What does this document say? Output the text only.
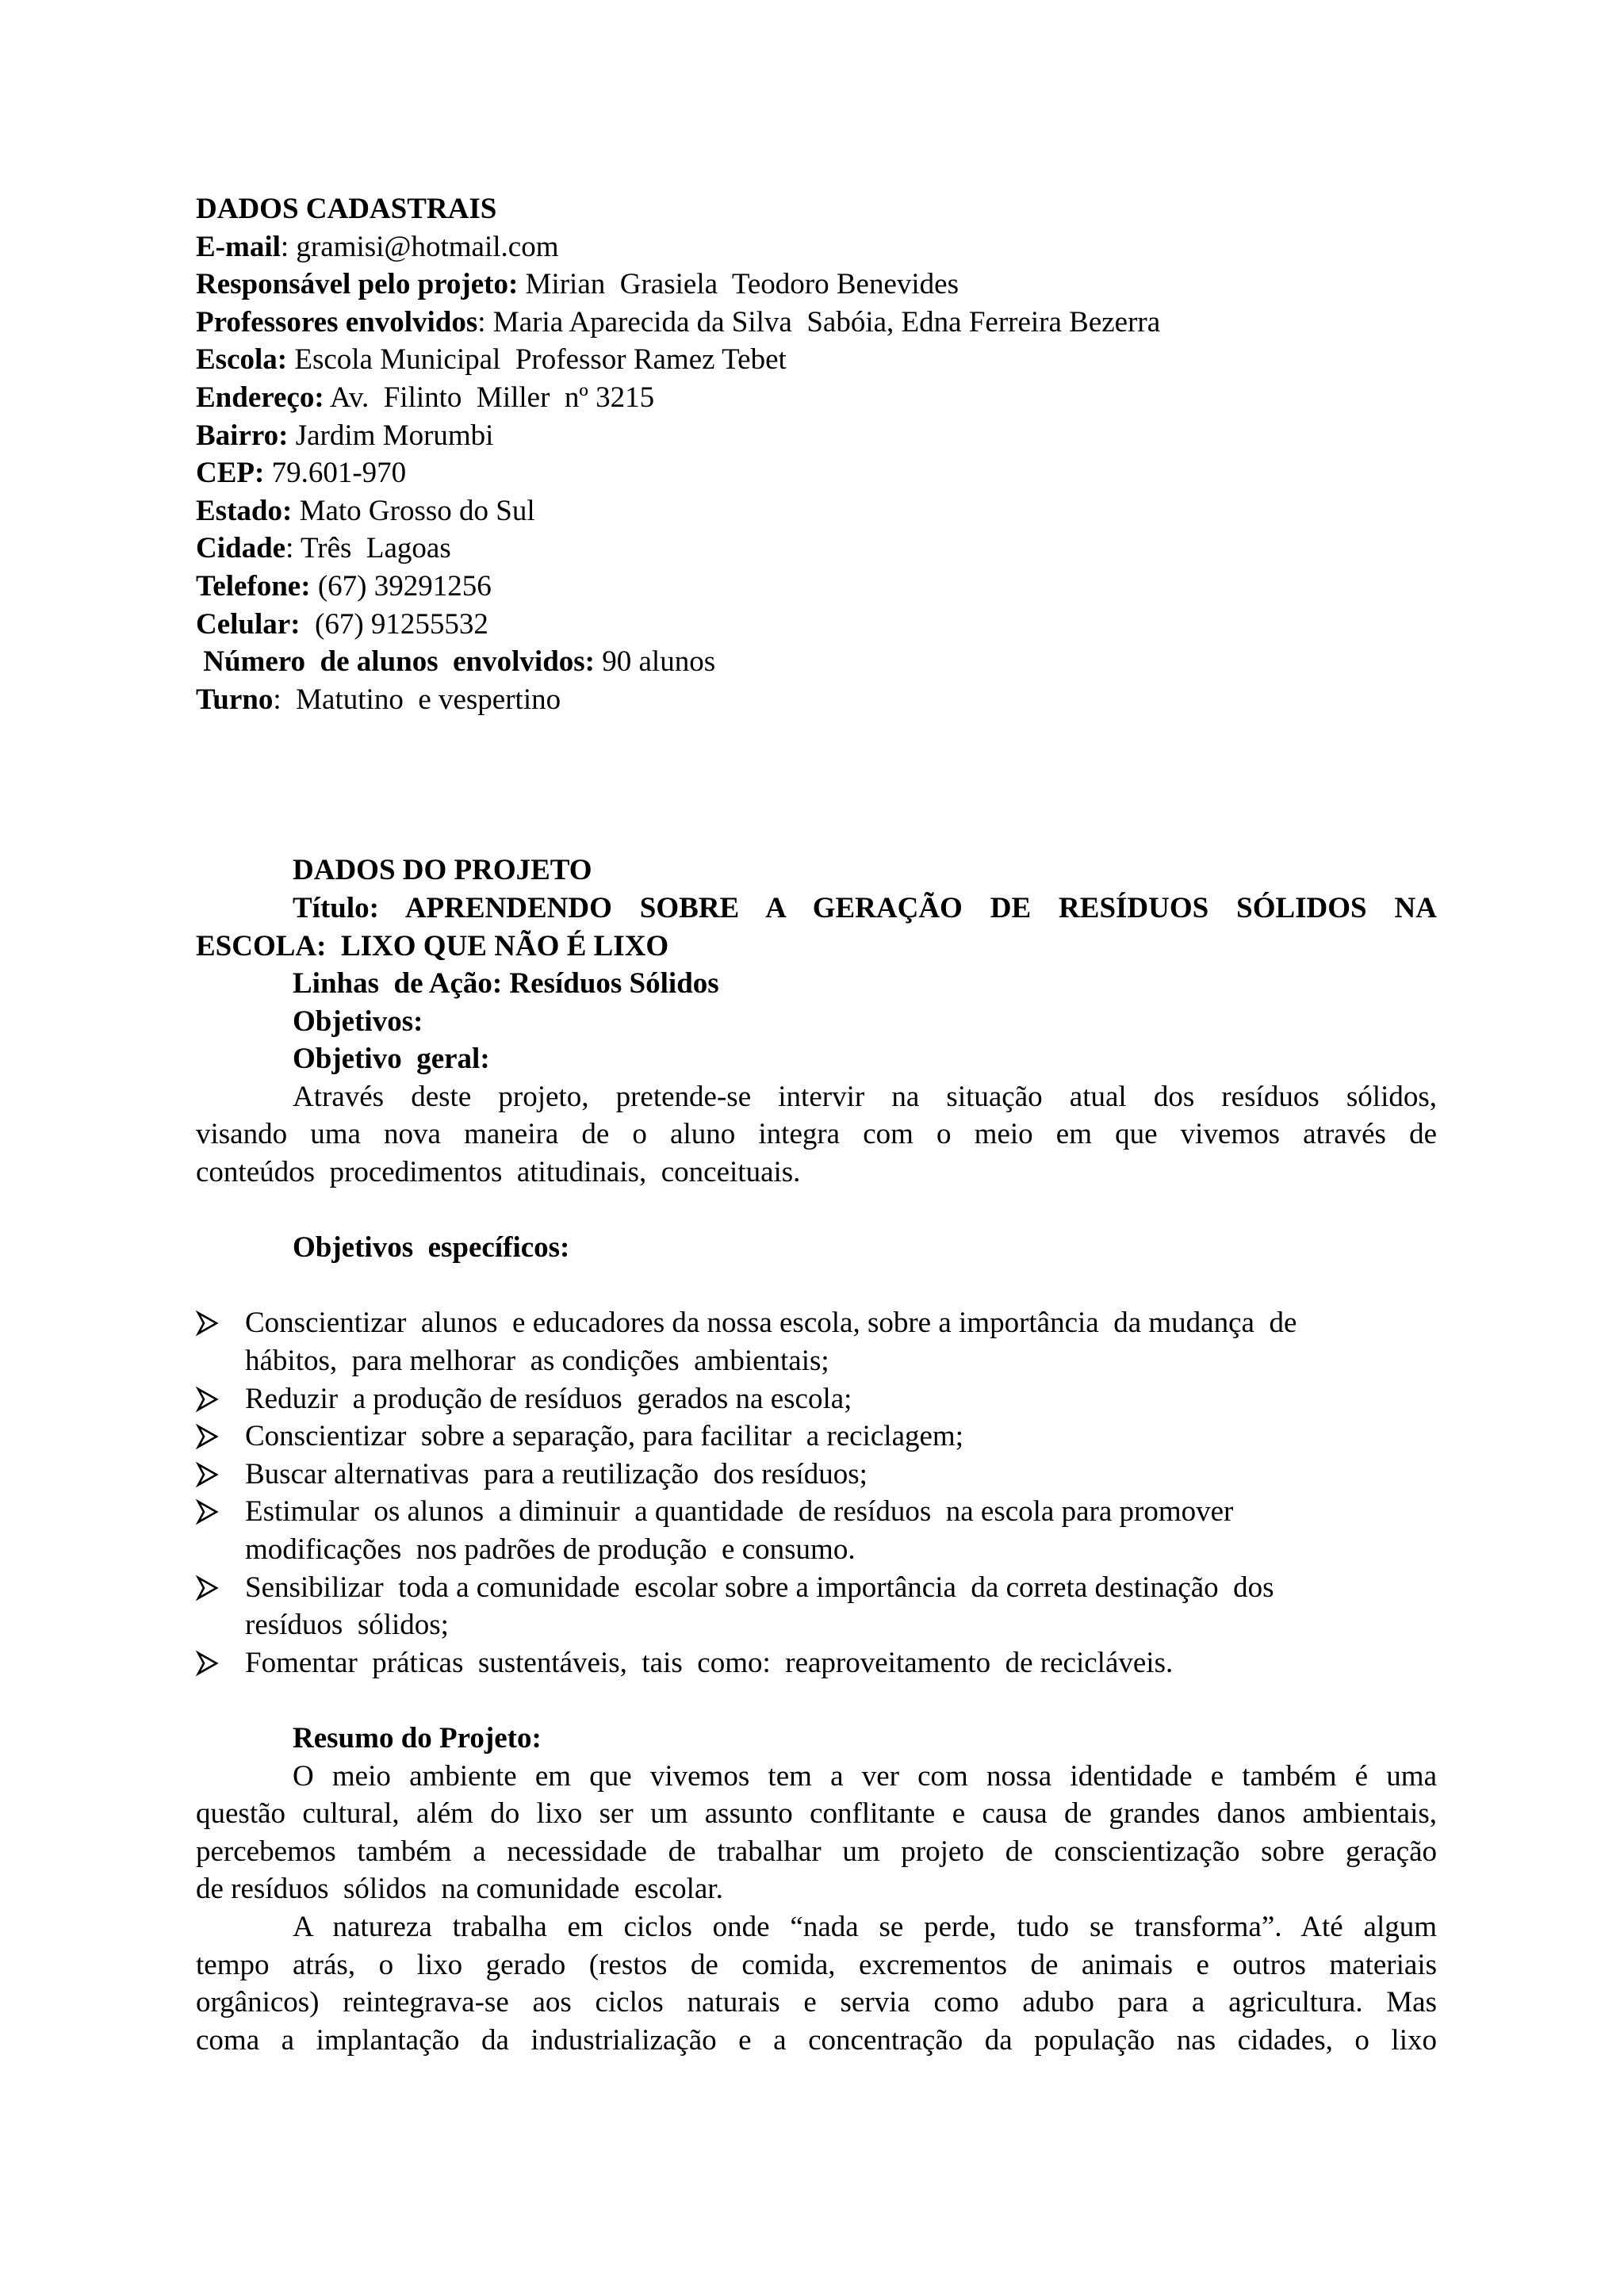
DADOS CADASTRAIS

E-mail: gramisi@hotmail.com

Responsável pelo projeto: Mirian  Grasiela  Teodoro Benevides

Professores envolvidos: Maria Aparecida da Silva  Sabóia, Edna Ferreira Bezerra

Escola: Escola Municipal  Professor Ramez Tebet

Endereço: Av.  Filinto  Miller  nº 3215

Bairro: Jardim Morumbi

CEP: 79.601-970

Estado: Mato Grosso do Sul

Cidade: Três  Lagoas

Telefone: (67) 39291256

Celular:  (67) 91255532

Número  de alunos  envolvidos: 90 alunos

Turno:  Matutino  e vespertino

DADOS DO PROJETO

Título: APRENDENDO SOBRE A GERAÇÃO DE RESÍDUOS SÓLIDOS NA

ESCOLA:  LIXO QUE NÃO É LIXO

Linhas  de Ação: Resíduos Sólidos

Objetivos:

Objetivo  geral:

Através deste projeto, pretende-se intervir na situação atual dos resíduos sólidos,

visando uma nova maneira de o aluno integra com o meio em que vivemos através de

conteúdos  procedimentos  atitudinais,  conceituais.

Objetivos  específicos:

Conscientizar  alunos  e educadores da nossa escola, sobre a importância  da mudança  de

hábitos,  para melhorar  as condições  ambientais;

Reduzir  a produção de resíduos  gerados na escola;

Conscientizar  sobre a separação, para facilitar  a reciclagem;

Buscar alternativas  para a reutilização  dos resíduos;

Estimular  os alunos  a diminuir  a quantidade  de resíduos  na escola para promover

modificações  nos padrões de produção  e consumo.

Sensibilizar  toda a comunidade  escolar sobre a importância  da correta destinação  dos

resíduos  sólidos;

Fomentar  práticas  sustentáveis,  tais  como:  reaproveitamento  de recicláveis.

Resumo do Projeto:

O meio ambiente em que vivemos tem a ver com nossa identidade e também é uma

questão cultural, além do lixo ser um assunto conflitante e causa de grandes danos ambientais,

percebemos também a necessidade de trabalhar um projeto de conscientização sobre geração

de resíduos  sólidos  na comunidade  escolar.

A natureza trabalha em ciclos onde “nada se perde, tudo se transforma”. Até algum

tempo atrás, o lixo gerado (restos de comida, excrementos de animais e outros materiais

orgânicos) reintegrava-se aos ciclos naturais e servia como adubo para a agricultura. Mas

coma a implantação da industrialização e a concentração da população nas cidades, o lixo
